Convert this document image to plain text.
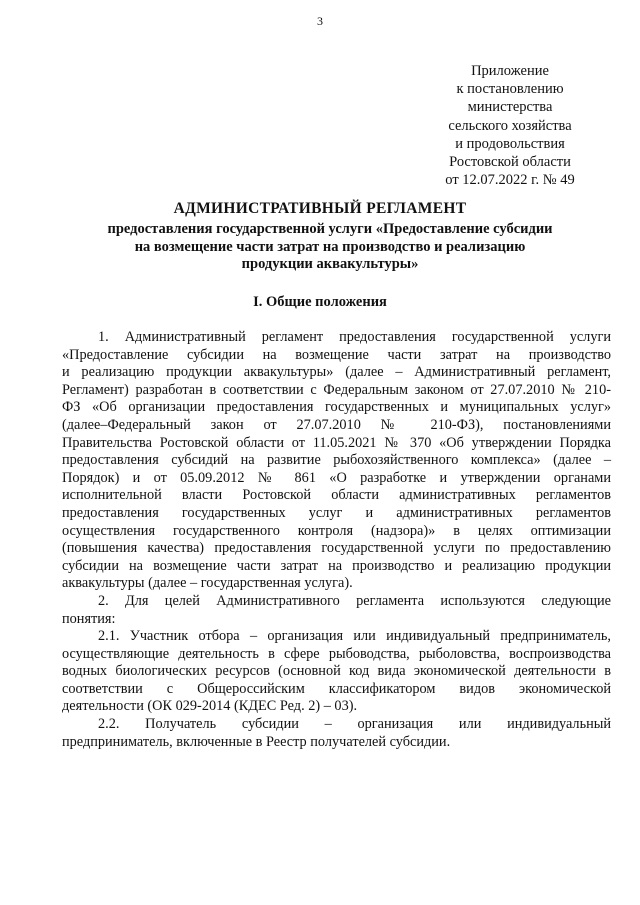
3
Приложение
к постановлению
министерства
сельского хозяйства
и продовольствия
Ростовской области
от 12.07.2022 г. № 49
АДМИНИСТРАТИВНЫЙ РЕГЛАМЕНТ
предоставления государственной услуги «Предоставление субсидии
на возмещение части затрат на производство и реализацию
продукции аквакультуры»
I. Общие положения
1. Административный регламент предоставления государственной услуги
«Предоставление субсидии на возмещение части затрат на производство
и реализацию продукции аквакультуры» (далее – Административный регламент,
Регламент) разработан в соответствии с Федеральным законом от 27.07.2010 № 210-
ФЗ «Об организации предоставления государственных и муниципальных услуг»
(далее–Федеральный закон от 27.07.2010 № 210-ФЗ), постановлениями
Правительства Ростовской области от 11.05.2021 № 370 «Об утверждении Порядка
предоставления субсидий на развитие рыбохозяйственного комплекса» (далее –
Порядок) и от 05.09.2012 № 861 «О разработке и утверждении органами
исполнительной власти Ростовской области административных регламентов
предоставления государственных услуг и административных регламентов
осуществления государственного контроля (надзора)» в целях оптимизации
(повышения качества) предоставления государственной услуги по предоставлению
субсидии на возмещение части затрат на производство и реализацию продукции
аквакультуры (далее – государственная услуга).
2. Для целей Административного регламента используются следующие
понятия:
2.1. Участник отбора – организация или индивидуальный предприниматель,
осуществляющие деятельность в сфере рыбоводства, рыболовства, воспроизводства
водных биологических ресурсов (основной код вида экономической деятельности в
соответствии с Общероссийским классификатором видов экономической
деятельности (ОК 029-2014 (КДЕС Ред. 2) – 03).
2.2. Получатель субсидии – организация или индивидуальный
предприниматель, включенные в Реестр получателей субсидии.
